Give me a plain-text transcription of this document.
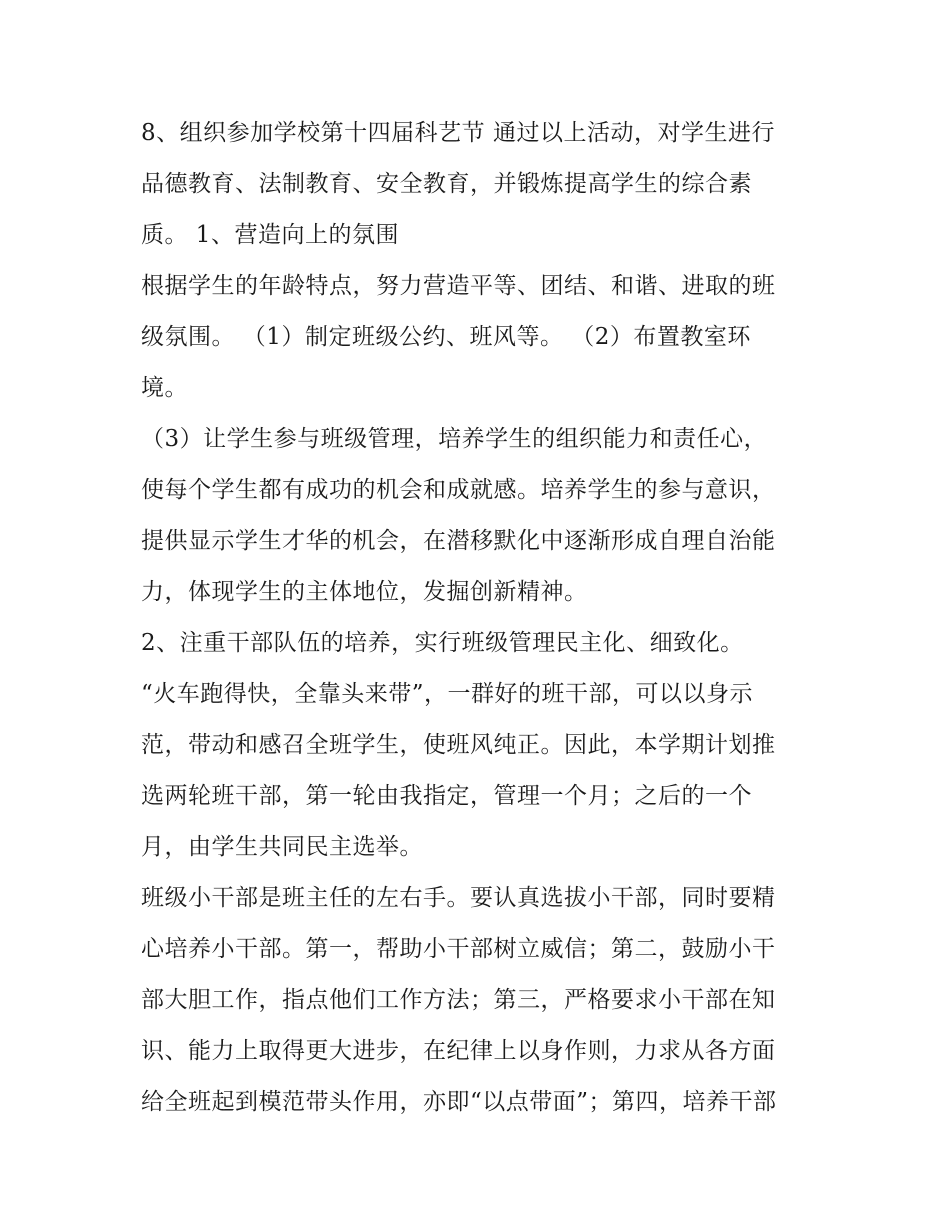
8、组织参加学校第十四届科艺节 通过以上活动，对学生进行
品德教育、法制教育、安全教育，并锻炼提高学生的综合素
质。 1、营造向上的氛围
根据学生的年龄特点，努力营造平等、团结、和谐、进取的班
级氛围。 （1）制定班级公约、班风等。 （2）布置教室环
境。
（3）让学生参与班级管理，培养学生的组织能力和责任心，
使每个学生都有成功的机会和成就感。培养学生的参与意识，
提供显示学生才华的机会，在潜移默化中逐渐形成自理自治能
力，体现学生的主体地位，发掘创新精神。
2、注重干部队伍的培养，实行班级管理民主化、细致化。
“火车跑得快，全靠头来带”，一群好的班干部，可以以身示
范，带动和感召全班学生，使班风纯正。因此，本学期计划推
选两轮班干部，第一轮由我指定，管理一个月；之后的一个
月，由学生共同民主选举。
班级小干部是班主任的左右手。要认真选拔小干部，同时要精
心培养小干部。第一，帮助小干部树立威信；第二，鼓励小干
部大胆工作，指点他们工作方法；第三，严格要求小干部在知
识、能力上取得更大进步，在纪律上以身作则，力求从各方面
给全班起到模范带头作用，亦即“以点带面”；第四，培养干部
